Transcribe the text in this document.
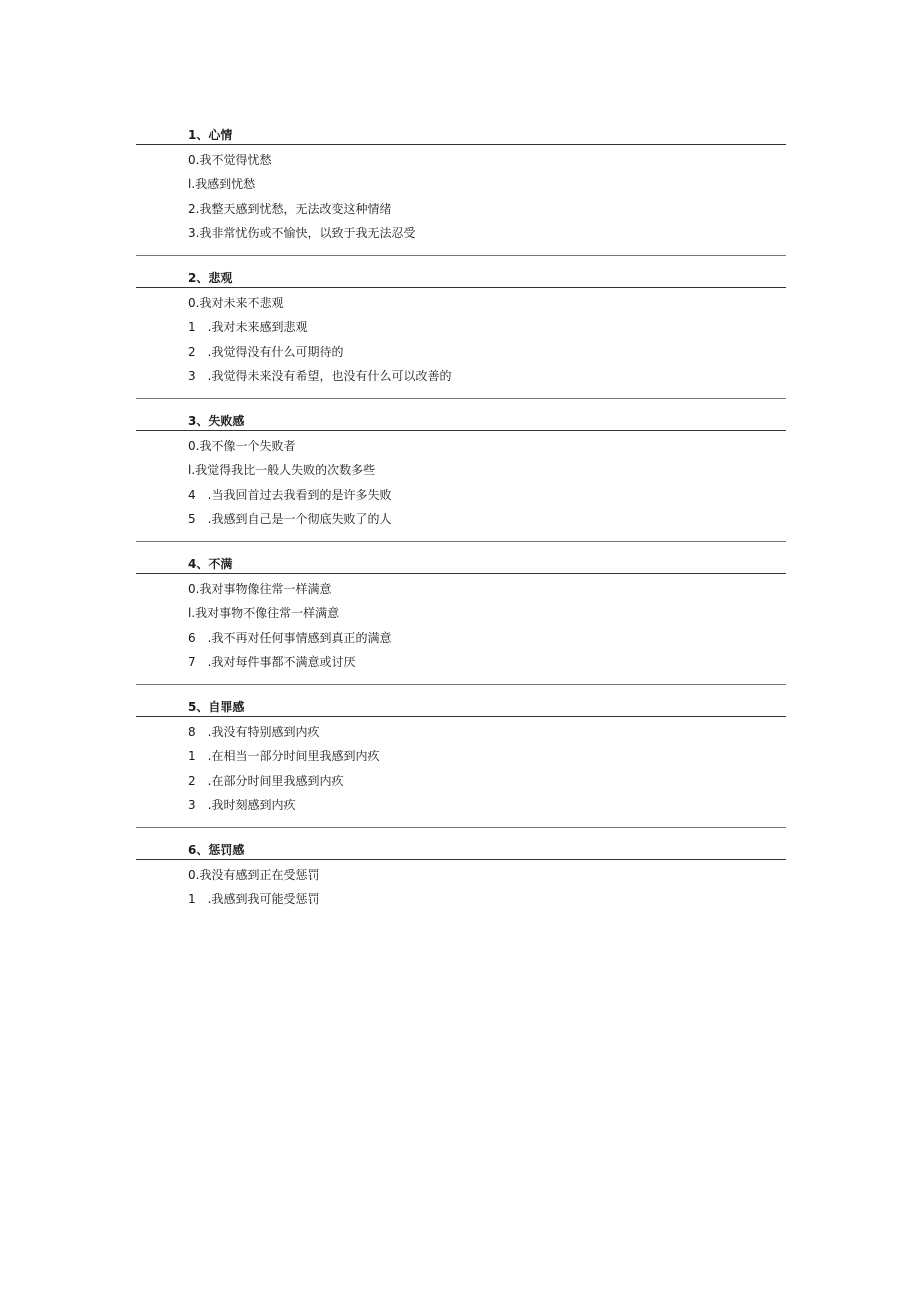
1、心情
0.我不觉得忧愁
l.我感到忧愁
2.我整天感到忧愁，无法改变这种情绪
3.我非常忧伤或不愉快，以致于我无法忍受
2、悲观
0.我对未来不悲观
1　.我对未来感到悲观
2　.我觉得没有什么可期待的
3　.我觉得未来没有希望，也没有什么可以改善的
3、失败感
0.我不像一个失败者
l.我觉得我比一般人失败的次数多些
4　.当我回首过去我看到的是许多失败
5　.我感到自己是一个彻底失败了的人
4、不满
0.我对事物像往常一样满意
l.我对事物不像往常一样满意
6　.我不再对任何事情感到真正的满意
7　.我对每件事都不满意或讨厌
5、自罪感
8　.我没有特别感到内疚
1　.在相当一部分时间里我感到内疚
2　.在部分时间里我感到内疚
3　.我时刻感到内疚
6、惩罚感
0.我没有感到正在受惩罚
1　.我感到我可能受惩罚
